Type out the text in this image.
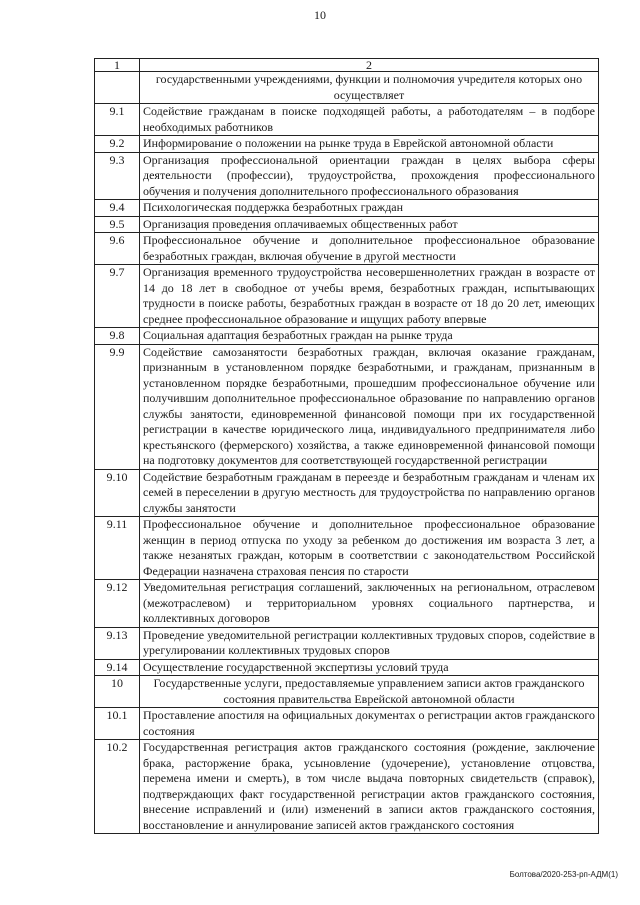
10
1	2
	государственными учреждениями, функции и полномочия учредителя которых оно осуществляет
9.1	Содействие гражданам в поиске подходящей работы, а работодателям – в подборе необходимых работников
9.2	Информирование о положении на рынке труда в Еврейской автономной области
9.3	Организация профессиональной ориентации граждан в целях выбора сферы деятельности (профессии), трудоустройства, прохождения профессионального обучения и получения дополнительного профессионального образования
9.4	Психологическая поддержка безработных граждан
9.5	Организация проведения оплачиваемых общественных работ
9.6	Профессиональное обучение и дополнительное профессиональное образование безработных граждан, включая обучение в другой местности
9.7	Организация временного трудоустройства несовершеннолетних граждан в возрасте от 14 до 18 лет в свободное от учебы время, безработных граждан, испытывающих трудности в поиске работы, безработных граждан в возрасте от 18 до 20 лет, имеющих среднее профессиональное образование и ищущих работу впервые
9.8	Социальная адаптация безработных граждан на рынке труда
9.9	Содействие самозанятости безработных граждан, включая оказание гражданам, признанным в установленном порядке безработными, и гражданам, признанным в установленном порядке безработными, прошедшим профессиональное обучение или получившим дополнительное профессиональное образование по направлению органов службы занятости, единовременной финансовой помощи при их государственной регистрации в качестве юридического лица, индивидуального предпринимателя либо крестьянского (фермерского) хозяйства, а также единовременной финансовой помощи на подготовку документов для соответствующей государственной регистрации
9.10	Содействие безработным гражданам в переезде и безработным гражданам и членам их семей в переселении в другую местность для трудоустройства по направлению органов службы занятости
9.11	Профессиональное обучение и дополнительное профессиональное образование женщин в период отпуска по уходу за ребенком до достижения им возраста 3 лет, а также незанятых граждан, которым в соответствии с законодательством Российской Федерации назначена страховая пенсия по старости
9.12	Уведомительная регистрация соглашений, заключенных на региональном, отраслевом (межотраслевом) и территориальном уровнях социального партнерства, и коллективных договоров
9.13	Проведение уведомительной регистрации коллективных трудовых споров, содействие в урегулировании коллективных трудовых споров
9.14	Осуществление государственной экспертизы условий труда
10	Государственные услуги, предоставляемые управлением записи актов гражданского состояния правительства Еврейской автономной области
10.1	Проставление апостиля на официальных документах о регистрации актов гражданского состояния
10.2	Государственная регистрация актов гражданского состояния (рождение, заключение брака, расторжение брака, усыновление (удочерение), установление отцовства, перемена имени и смерть), в том числе выдача повторных свидетельств (справок), подтверждающих факт государственной регистрации актов гражданского состояния, внесение исправлений и (или) изменений в записи актов гражданского состояния, восстановление и аннулирование записей актов гражданского состояния
Болтова/2020-253-рп-АДМ(1)
